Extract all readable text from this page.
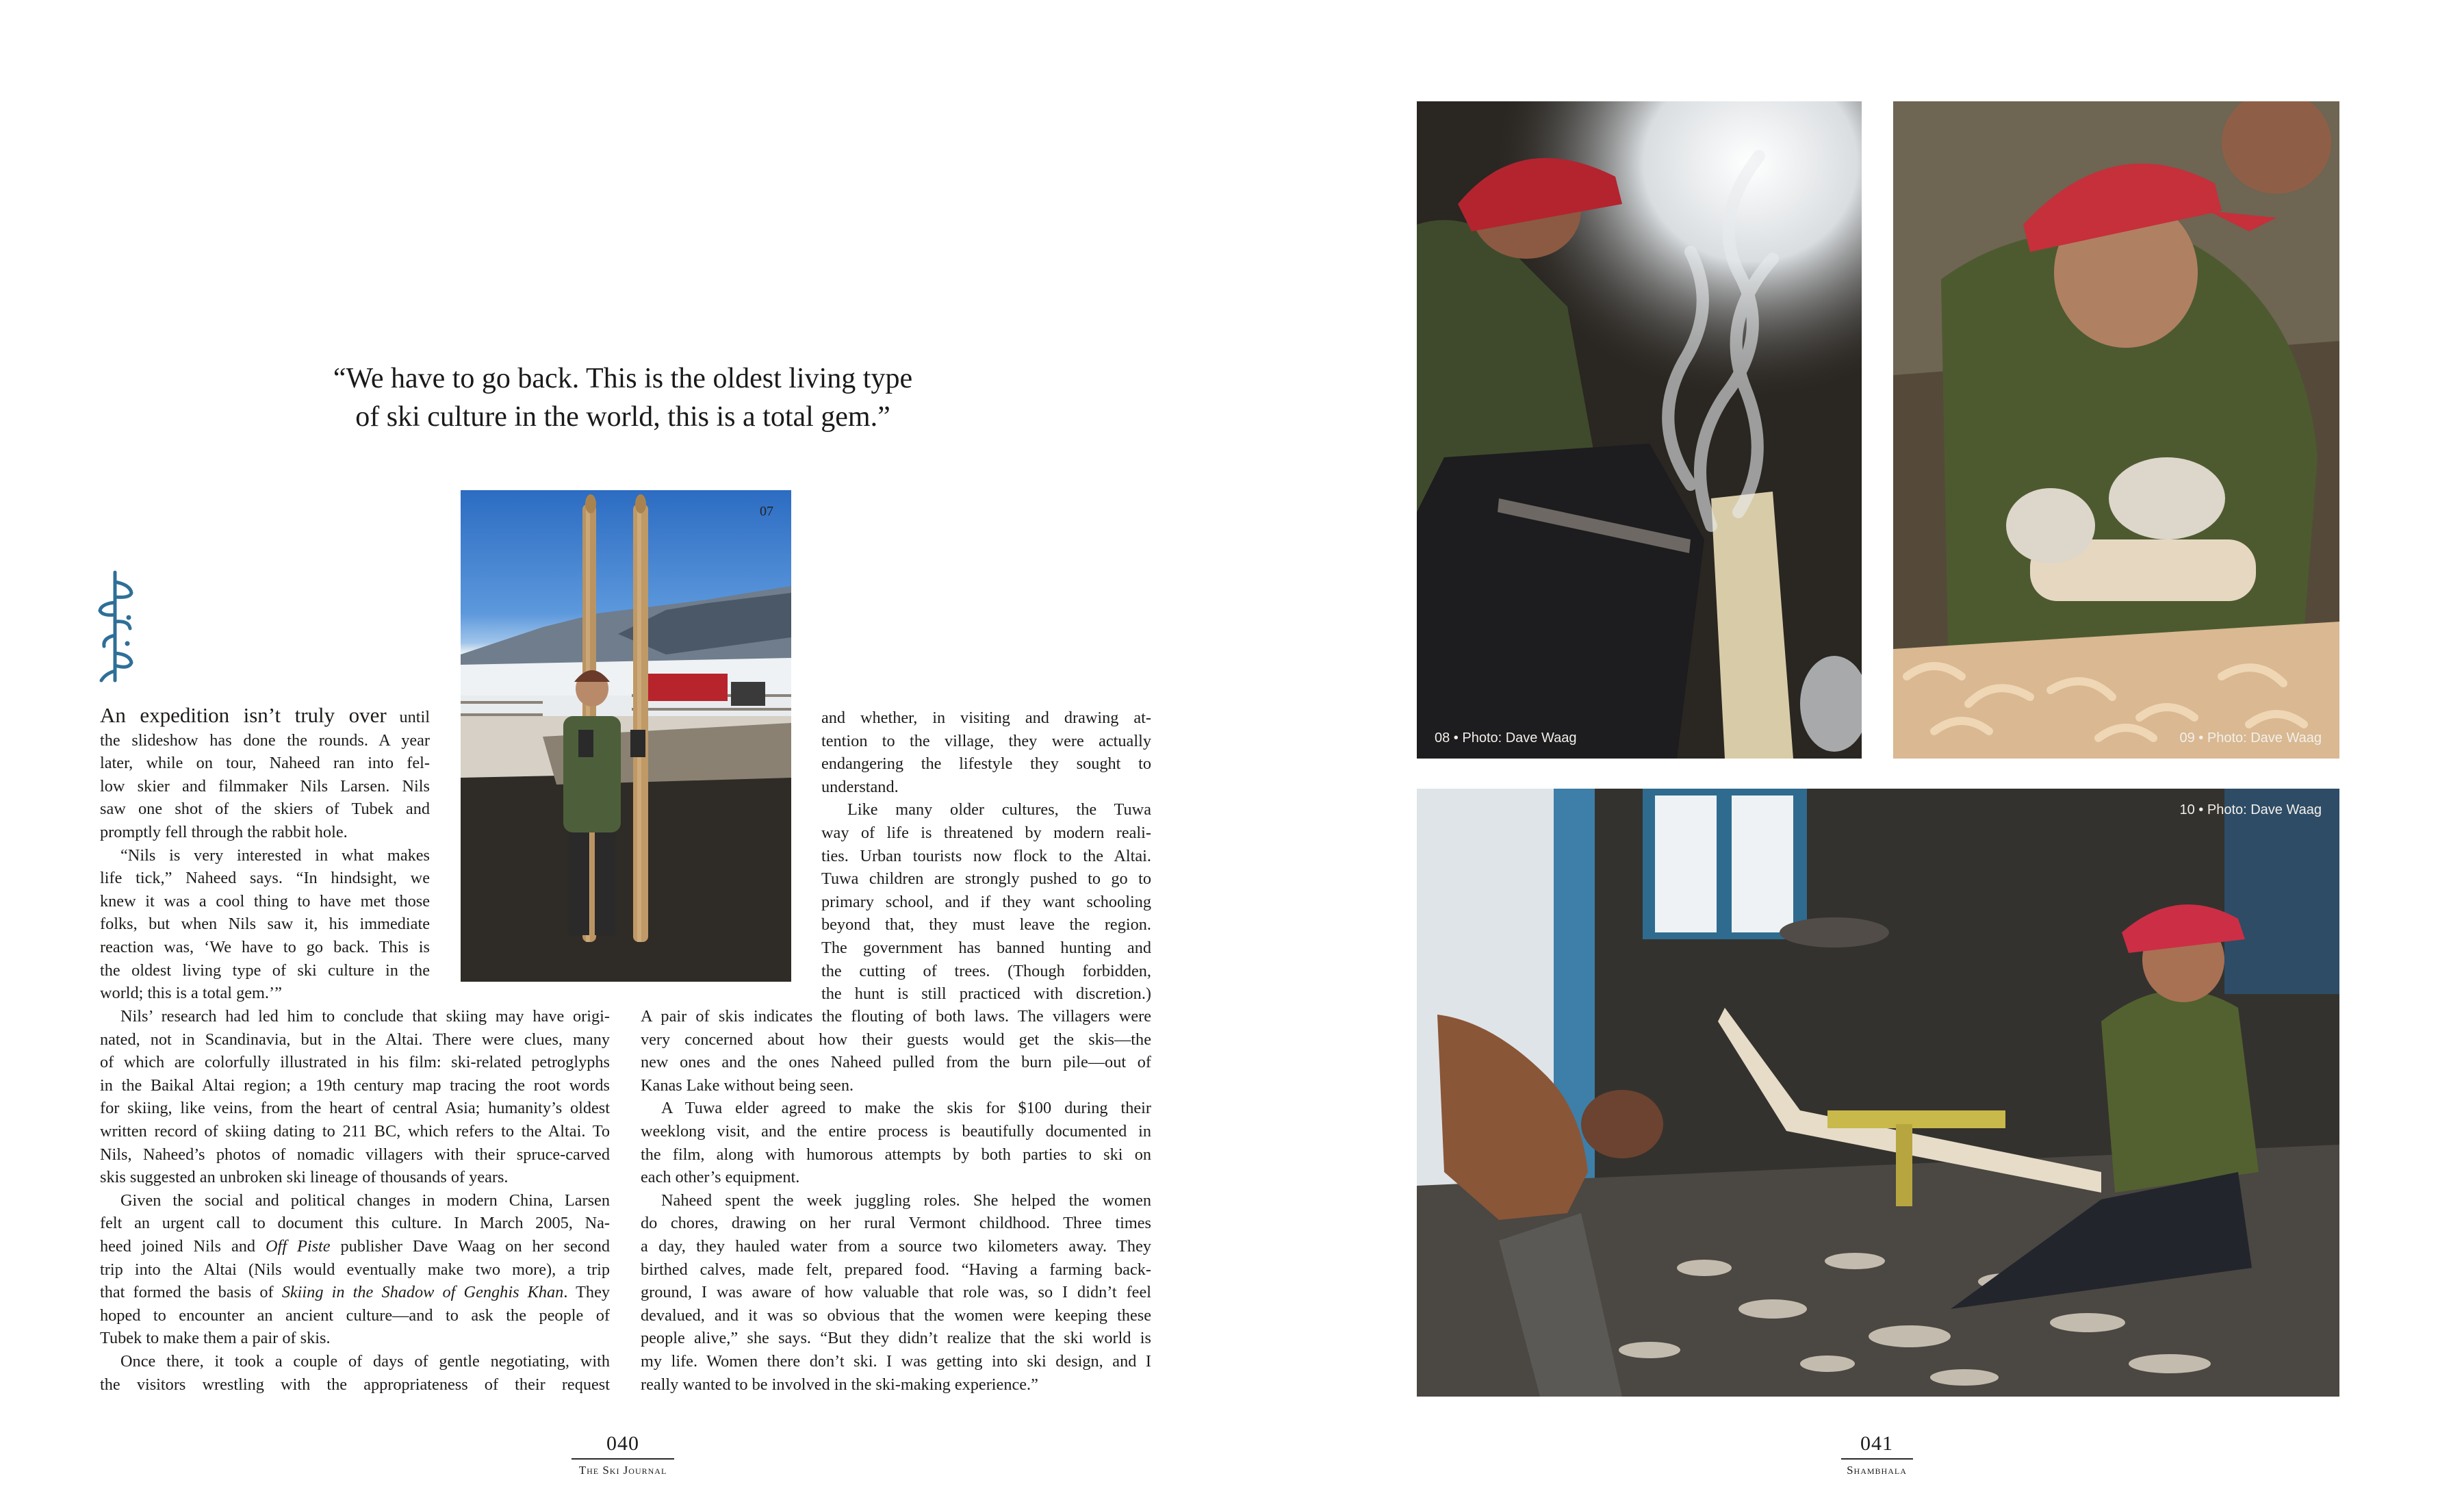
“We have to go back. This is the oldest living type
of ski culture in the world, this is a total gem.”
07
An expedition isn’t truly over until
the slideshow has done the rounds. A year
later, while on tour, Naheed ran into fel-
low skier and filmmaker Nils Larsen. Nils
saw one shot of the skiers of Tubek and
promptly fell through the rabbit hole.
“Nils is very interested in what makes
life tick,” Naheed says. “In hindsight, we
knew it was a cool thing to have met those
folks, but when Nils saw it, his immediate
reaction was, ‘We have to go back. This is
the oldest living type of ski culture in the
world; this is a total gem.’”
Nils’ research had led him to conclude that skiing may have origi-
nated, not in Scandinavia, but in the Altai. There were clues, many
of which are colorfully illustrated in his film: ski-related petroglyphs
in the Baikal Altai region; a 19th century map tracing the root words
for skiing, like veins, from the heart of central Asia; humanity’s oldest
written record of skiing dating to 211 BC, which refers to the Altai. To
Nils, Naheed’s photos of nomadic villagers with their spruce-carved
skis suggested an unbroken ski lineage of thousands of years.
Given the social and political changes in modern China, Larsen
felt an urgent call to document this culture. In March 2005, Na-
heed joined Nils and Off Piste publisher Dave Waag on her second
trip into the Altai (Nils would eventually make two more), a trip
that formed the basis of Skiing in the Shadow of Genghis Khan. They
hoped to encounter an ancient culture—and to ask the people of
Tubek to make them a pair of skis.
Once there, it took a couple of days of gentle negotiating, with
the visitors wrestling with the appropriateness of their request
and whether, in visiting and drawing at-
tention to the village, they were actually
endangering the lifestyle they sought to
understand.
Like many older cultures, the Tuwa
way of life is threatened by modern reali-
ties. Urban tourists now flock to the Altai.
Tuwa children are strongly pushed to go to
primary school, and if they want schooling
beyond that, they must leave the region.
The government has banned hunting and
the cutting of trees. (Though forbidden,
the hunt is still practiced with discretion.)
A pair of skis indicates the flouting of both laws. The villagers were
very concerned about how their guests would get the skis—the
new ones and the ones Naheed pulled from the burn pile—out of
Kanas Lake without being seen.
A Tuwa elder agreed to make the skis for $100 during their
weeklong visit, and the entire process is beautifully documented in
the film, along with humorous attempts by both parties to ski on
each other’s equipment.
Naheed spent the week juggling roles. She helped the women
do chores, drawing on her rural Vermont childhood. Three times
a day, they hauled water from a source two kilometers away. They
birthed calves, made felt, prepared food. “Having a farming back-
ground, I was aware of how valuable that role was, so I didn’t feel
devalued, and it was so obvious that the women were keeping these
people alive,” she says. “But they didn’t realize that the ski world is
my life. Women there don’t ski. I was getting into ski design, and I
really wanted to be involved in the ski-making experience.”
08 • Photo: Dave Waag	09 • Photo: Dave Waag
10 • Photo: Dave Waag
040
The Ski Journal
041
Shambhala
